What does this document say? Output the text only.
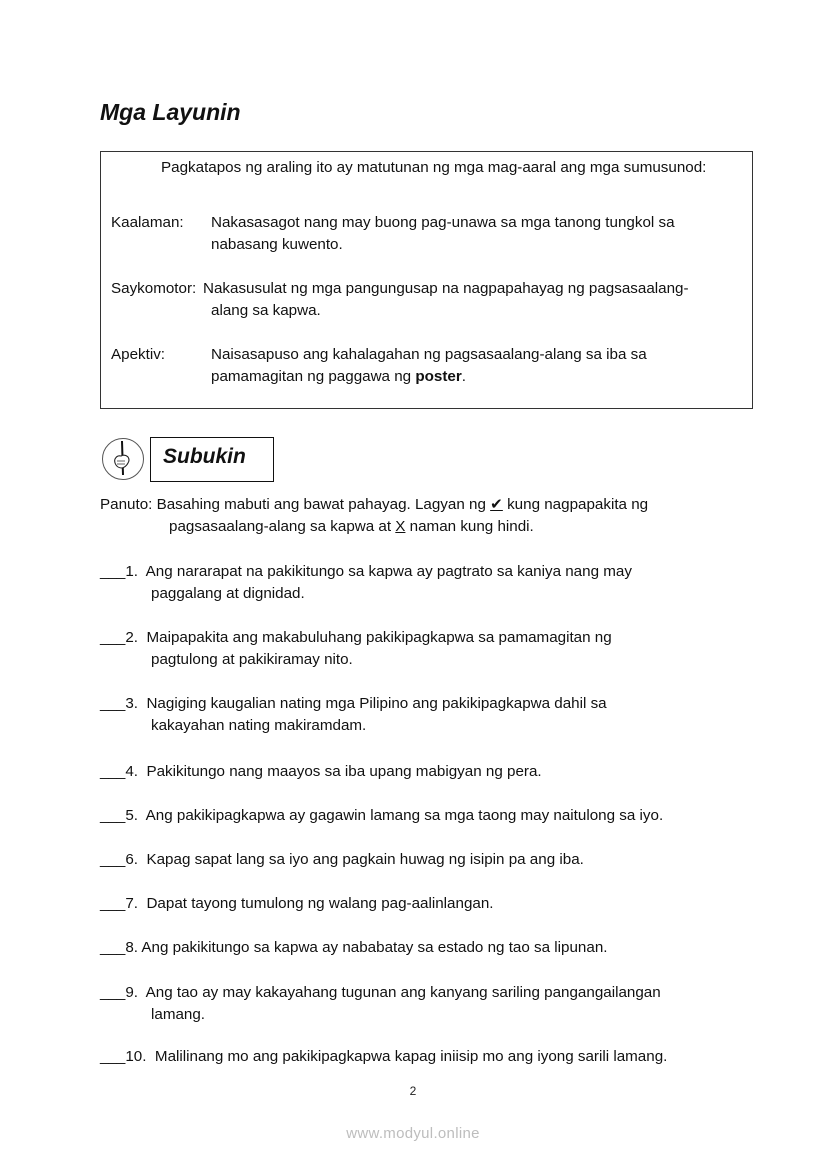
Mga Layunin

Pagkatapos ng araling ito ay matutunan ng mga mag-aaral ang mga sumusunod:

Kaalaman: Nakasasagot nang may buong pag-unawa sa mga tanong tungkol sa
nabasang kuwento.
Saykomotor: Nakasusulat ng mga pangungusap na nagpapahayag ng pagsasaalang-
alang sa kapwa.
Apektiv:	Naisasapuso ang kahalagahan ng pagsasaalang-alang sa iba sa
pamamagitan ng paggawa ng poster.
Subukin
Panuto: Basahing mabuti ang bawat pahayag. Lagyan ng ✔ kung nagpapakita ng
pagsasaalang-alang sa kapwa at X naman kung hindi.
___1. Ang nararapat na pakikitungo sa kapwa ay pagtrato sa kaniya nang may
paggalang at dignidad.
___2. Maipapakita ang makabuluhang pakikipagkapwa sa pamamagitan ng
pagtulong at pakikiramay nito.
___3. Nagiging kaugalian nating mga Pilipino ang pakikipagkapwa dahil sa
kakayahan nating makiramdam.
___4. Pakikitungo nang maayos sa iba upang mabigyan ng pera.
___5. Ang pakikipagkapwa ay gagawin lamang sa mga taong may naitulong sa iyo.
___6. Kapag sapat lang sa iyo ang pagkain huwag ng isipin pa ang iba.
___7. Dapat tayong tumulong ng walang pag-aalinlangan.
___8. Ang pakikitungo sa kapwa ay nababatay sa estado ng tao sa lipunan.
___9. Ang tao ay may kakayahang tugunan ang kanyang sariling pangangailangan
lamang.
___10. Malilinang mo ang pakikipagkapwa kapag iniisip mo ang iyong sarili lamang.
2
www.modyul.online
